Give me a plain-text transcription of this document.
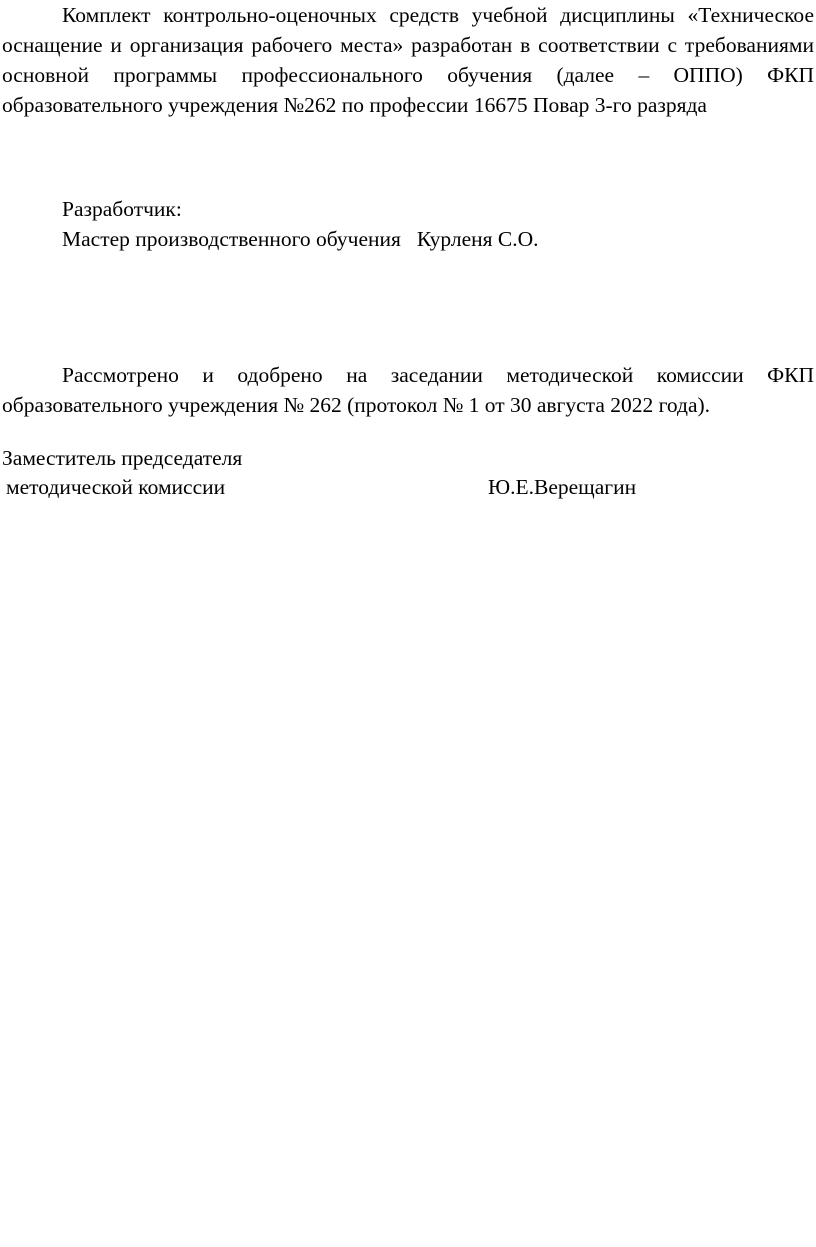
Комплект контрольно-оценочных средств учебной дисциплины «Техническое оснащение и организация рабочего места» разработан в соответствии с требованиями основной программы профессионального обучения (далее – ОППО) ФКП образовательного учреждения №262 по профессии 16675 Повар 3-го разряда

Разработчик:

Мастер производственного обучения Курленя С.О.

Рассмотрено и одобрено на заседании методической комиссии ФКП образовательного учреждения № 262 (протокол № 1 от 30 августа 2022 года).

Заместитель председателя

методической комиссии	Ю.Е.Верещагин
